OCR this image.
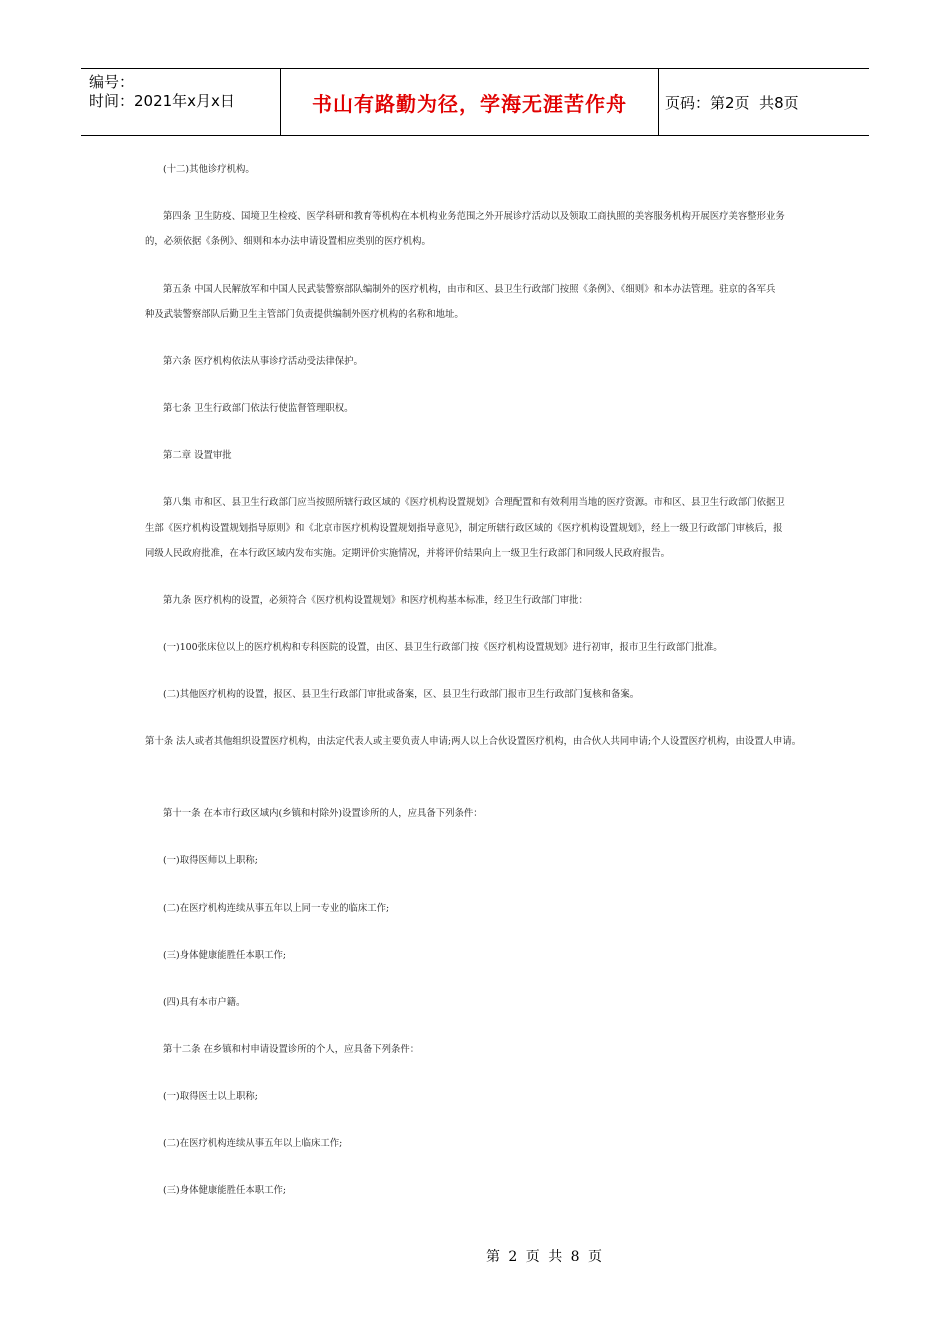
编号：
时间：2021年x月x日	书山有路勤为径，学海无涯苦作舟	页码：第2页  共8页
(十二)其他诊疗机构。
第四条 卫生防疫、国境卫生检疫、医学科研和教育等机构在本机构业务范围之外开展诊疗活动以及领取工商执照的美容服务机构开展医疗美容整形业务
的，必须依据《条例》、细则和本办法申请设置相应类别的医疗机构。
第五条 中国人民解放军和中国人民武装警察部队编制外的医疗机构，由市和区、县卫生行政部门按照《条例》、《细则》和本办法管理。驻京的各军兵
种及武装警察部队后勤卫生主管部门负责提供编制外医疗机构的名称和地址。
第六条 医疗机构依法从事诊疗活动受法律保护。
第七条 卫生行政部门依法行使监督管理职权。
第二章 设置审批
第八集 市和区、县卫生行政部门应当按照所辖行政区域的《医疗机构设置规划》合理配置和有效利用当地的医疗资源。市和区、县卫生行政部门依据卫
生部《医疗机构设置规划指导原则》和《北京市医疗机构设置规划指导意见》，制定所辖行政区域的《医疗机构设置规划》，经上一级卫行政部门审核后，报
同级人民政府批准，在本行政区域内发布实施。定期评价实施情况，并将评价结果向上一级卫生行政部门和同级人民政府报告。
第九条 医疗机构的设置，必须符合《医疗机构设置规划》和医疗机构基本标准，经卫生行政部门审批：
(一)100张床位以上的医疗机构和专科医院的设置，由区、县卫生行政部门按《医疗机构设置规划》进行初审，报市卫生行政部门批准。
(二)其他医疗机构的设置，报区、县卫生行政部门审批或备案，区、县卫生行政部门报市卫生行政部门复核和备案。
第十条 法人或者其他组织设置医疗机构，由法定代表人或主要负责人申请;两人以上合伙设置医疗机构，由合伙人共同申请;个人设置医疗机构，由设置人申请。
第十一条 在本市行政区域内(乡镇和村除外)设置诊所的人，应具备下列条件：
(一)取得医师以上职称;
(二)在医疗机构连续从事五年以上同一专业的临床工作;
(三)身体健康能胜任本职工作;
(四)具有本市户籍。
第十二条 在乡镇和村申请设置诊所的个人，应具备下列条件：
(一)取得医士以上职称;
(二)在医疗机构连续从事五年以上临床工作;
(三)身体健康能胜任本职工作;
第 2 页 共 8 页
